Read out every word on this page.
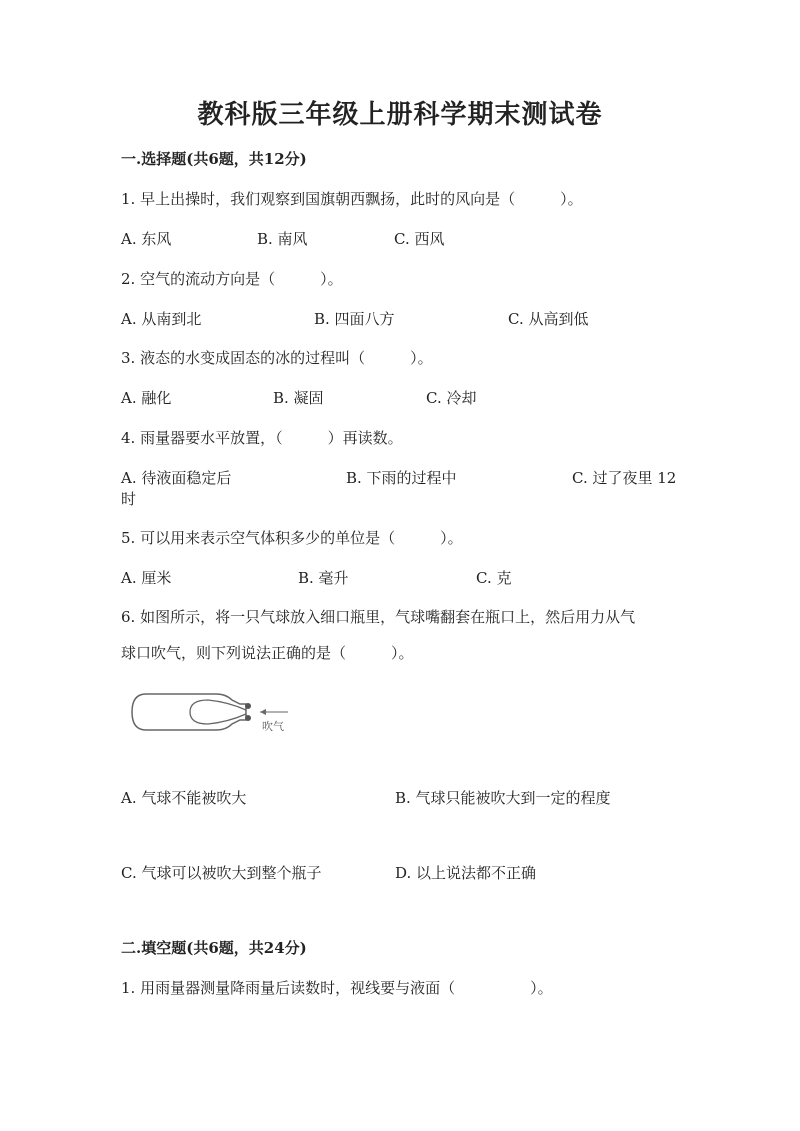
教科版三年级上册科学期末测试卷
一.选择题(共6题，共12分)
1. 早上出操时，我们观察到国旗朝西飘扬，此时的风向是（　　　）。
A. 东风	B. 南风	C. 西风
2. 空气的流动方向是（　　　）。
A. 从南到北	B. 四面八方	C. 从高到低
3. 液态的水变成固态的冰的过程叫（　　　）。
A. 融化	B. 凝固	C. 冷却
4. 雨量器要水平放置，（　　　）再读数。
A. 待液面稳定后	B. 下雨的过程中	C. 过了夜里 12
时
5. 可以用来表示空气体积多少的单位是（　　　）。
A. 厘米	B. 毫升	C. 克
6. 如图所示，将一只气球放入细口瓶里，气球嘴翻套在瓶口上，然后用力从气
球口吹气，则下列说法正确的是（　　　）。
吹气
A. 气球不能被吹大	B. 气球只能被吹大到一定的程度
C. 气球可以被吹大到整个瓶子	D. 以上说法都不正确
二.填空题(共6题，共24分)
1. 用雨量器测量降雨量后读数时，视线要与液面（　　　　　）。
